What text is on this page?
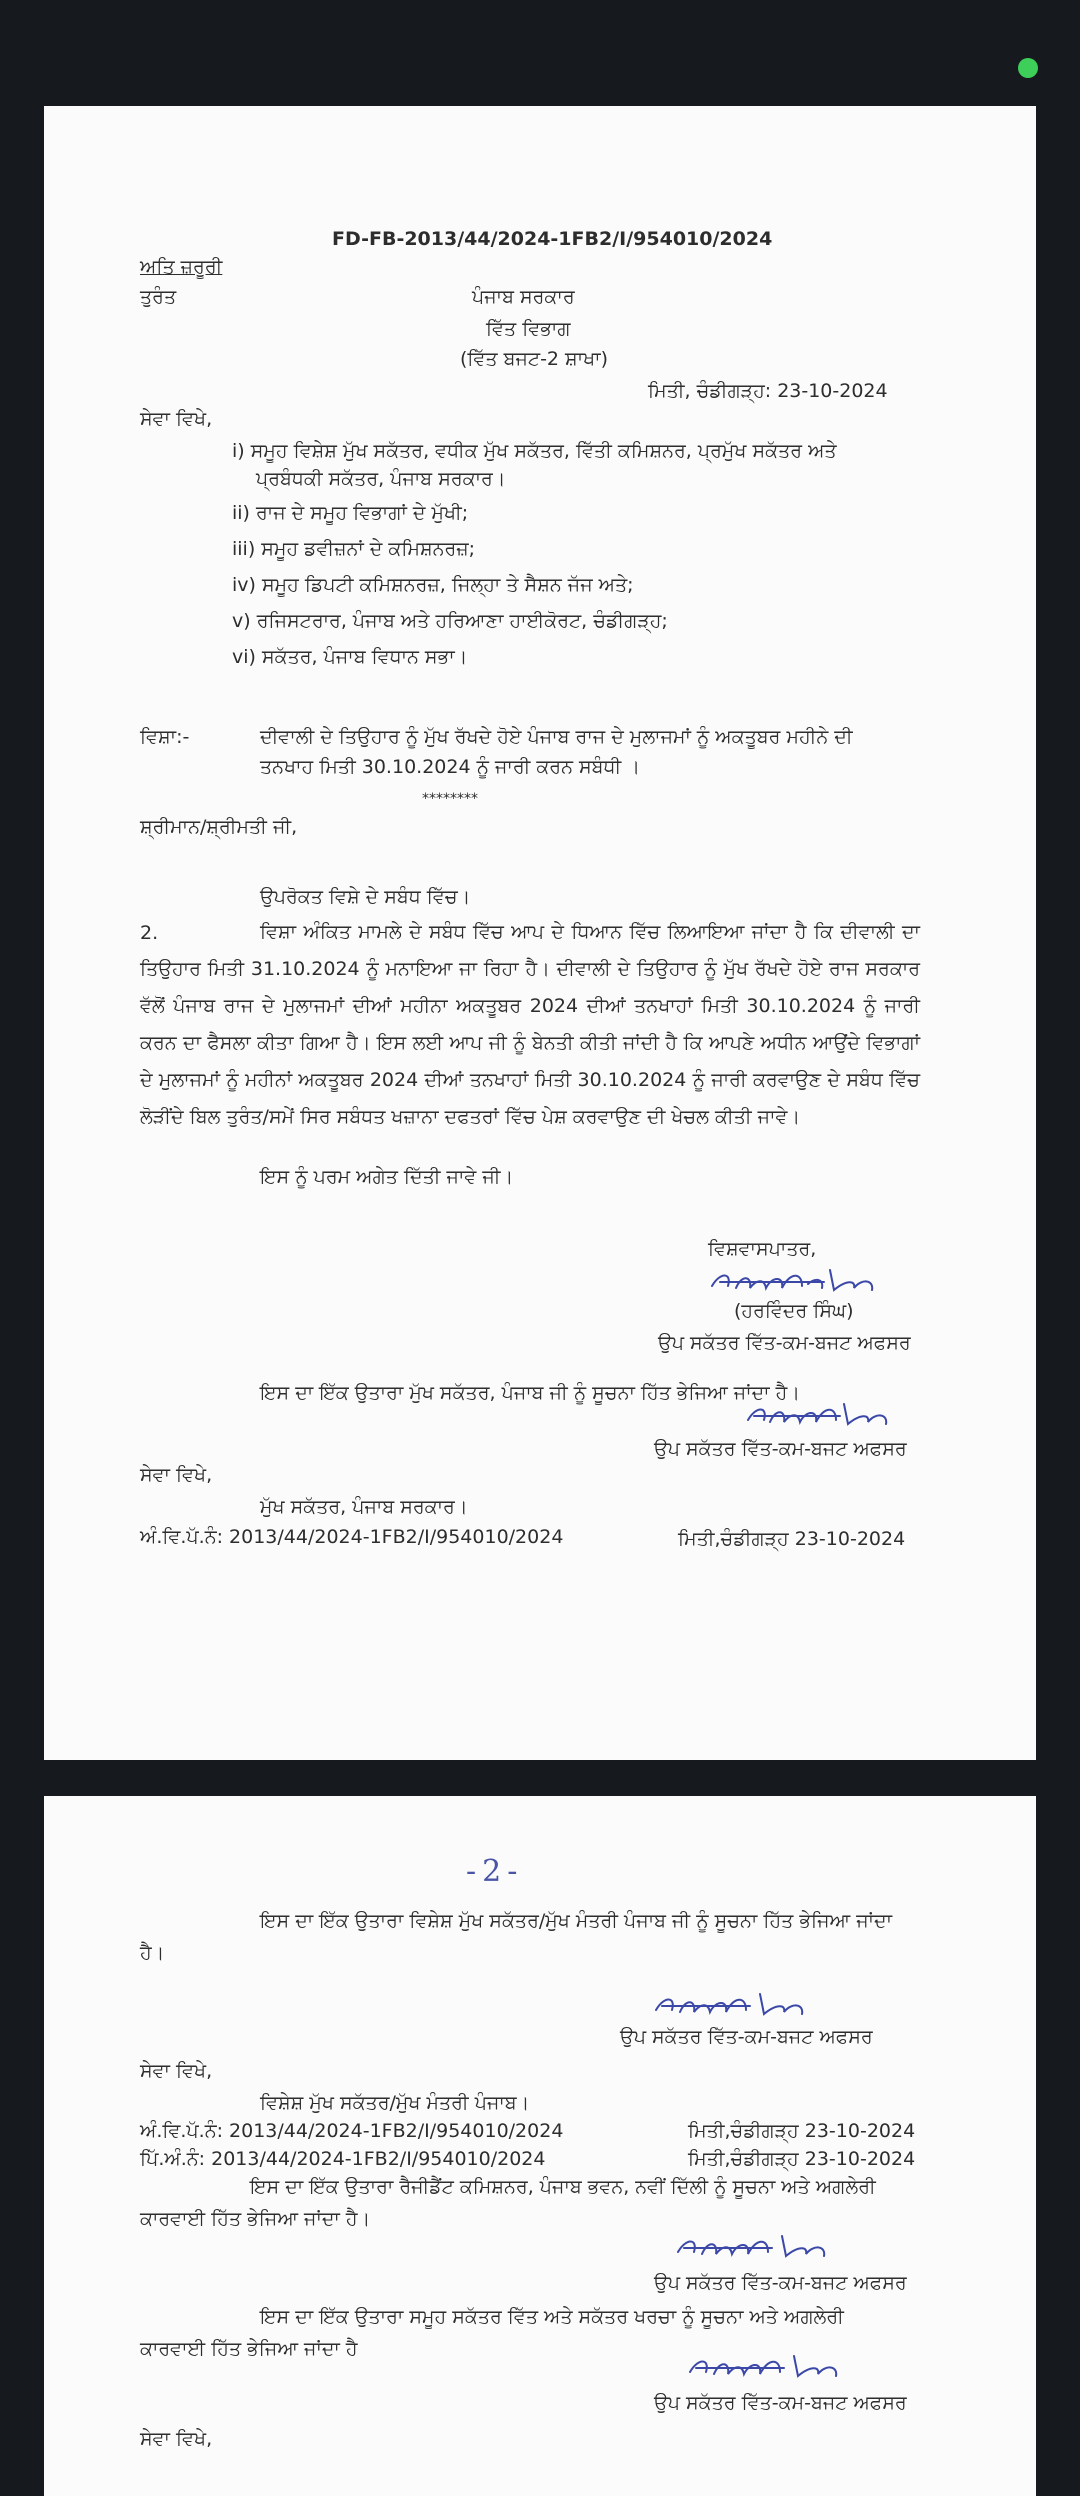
FD-FB-2013/44/2024-1FB2/I/954010/2024
ਅਤਿ ਜ਼ਰੂਰੀ
ਤੁਰੰਤ	ਪੰਜਾਬ ਸਰਕਾਰ
ਵਿੱਤ ਵਿਭਾਗ
(ਵਿੱਤ ਬਜਟ-2 ਸ਼ਾਖਾ)
ਮਿਤੀ, ਚੰਡੀਗੜ੍ਹ: 23-10-2024
ਸੇਵਾ ਵਿਖੇ,
i) ਸਮੂਹ ਵਿਸ਼ੇਸ਼ ਮੁੱਖ ਸਕੱਤਰ, ਵਧੀਕ ਮੁੱਖ ਸਕੱਤਰ, ਵਿੱਤੀ ਕਮਿਸ਼ਨਰ, ਪ੍ਰਮੁੱਖ ਸਕੱਤਰ ਅਤੇ
ਪ੍ਰਬੰਧਕੀ ਸਕੱਤਰ, ਪੰਜਾਬ ਸਰਕਾਰ।
ii) ਰਾਜ ਦੇ ਸਮੂਹ ਵਿਭਾਗਾਂ ਦੇ ਮੁੱਖੀ;
iii) ਸਮੂਹ ਡਵੀਜ਼ਨਾਂ ਦੇ ਕਮਿਸ਼ਨਰਜ਼;
iv) ਸਮੂਹ ਡਿਪਟੀ ਕਮਿਸ਼ਨਰਜ਼, ਜਿਲ੍ਹਾ ਤੇ ਸੈਸ਼ਨ ਜੱਜ ਅਤੇ;
v) ਰਜਿਸਟਰਾਰ, ਪੰਜਾਬ ਅਤੇ ਹਰਿਆਣਾ ਹਾਈਕੋਰਟ, ਚੰਡੀਗੜ੍ਹ;
vi) ਸਕੱਤਰ, ਪੰਜਾਬ ਵਿਧਾਨ ਸਭਾ।
ਵਿਸ਼ਾ:-	ਦੀਵਾਲੀ ਦੇ ਤਿਉਹਾਰ ਨੂੰ ਮੁੱਖ ਰੱਖਦੇ ਹੋਏ ਪੰਜਾਬ ਰਾਜ ਦੇ ਮੁਲਾਜਮਾਂ ਨੂੰ ਅਕਤੂਬਰ ਮਹੀਨੇ ਦੀ
ਤਨਖਾਹ ਮਿਤੀ 30.10.2024 ਨੂੰ ਜਾਰੀ ਕਰਨ ਸਬੰਧੀ ।
********
ਸ਼੍ਰੀਮਾਨ/ਸ਼੍ਰੀਮਤੀ ਜੀ,
ਉਪਰੋਕਤ ਵਿਸ਼ੇ ਦੇ ਸਬੰਧ ਵਿੱਚ।
2.	ਵਿਸ਼ਾ ਅੰਕਿਤ ਮਾਮਲੇ ਦੇ ਸਬੰਧ ਵਿੱਚ ਆਪ ਦੇ ਧਿਆਨ ਵਿੱਚ ਲਿਆਇਆ ਜਾਂਦਾ ਹੈ ਕਿ ਦੀਵਾਲੀ ਦਾ ਤਿਉਹਾਰ ਮਿਤੀ 31.10.2024 ਨੂੰ ਮਨਾਇਆ ਜਾ ਰਿਹਾ ਹੈ। ਦੀਵਾਲੀ ਦੇ ਤਿਉਹਾਰ ਨੂੰ ਮੁੱਖ ਰੱਖਦੇ ਹੋਏ ਰਾਜ ਸਰਕਾਰ ਵੱਲੋਂ ਪੰਜਾਬ ਰਾਜ ਦੇ ਮੁਲਾਜਮਾਂ ਦੀਆਂ ਮਹੀਨਾ ਅਕਤੂਬਰ 2024 ਦੀਆਂ ਤਨਖਾਹਾਂ ਮਿਤੀ 30.10.2024 ਨੂੰ ਜਾਰੀ ਕਰਨ ਦਾ ਫੈਸਲਾ ਕੀਤਾ ਗਿਆ ਹੈ। ਇਸ ਲਈ ਆਪ ਜੀ ਨੂੰ ਬੇਨਤੀ ਕੀਤੀ ਜਾਂਦੀ ਹੈ ਕਿ ਆਪਣੇ ਅਧੀਨ ਆਉਂਦੇ ਵਿਭਾਗਾਂ ਦੇ ਮੁਲਾਜਮਾਂ ਨੂੰ ਮਹੀਨਾਂ ਅਕਤੂਬਰ 2024 ਦੀਆਂ ਤਨਖਾਹਾਂ ਮਿਤੀ 30.10.2024 ਨੂੰ ਜਾਰੀ ਕਰਵਾਉਣ ਦੇ ਸਬੰਧ ਵਿੱਚ ਲੋੜੀਂਦੇ ਬਿਲ ਤੁਰੰਤ/ਸਮੇਂ ਸਿਰ ਸਬੰਧਤ ਖਜ਼ਾਨਾ ਦਫਤਰਾਂ ਵਿੱਚ ਪੇਸ਼ ਕਰਵਾਉਣ ਦੀ ਖੇਚਲ ਕੀਤੀ ਜਾਵੇ।
ਇਸ ਨੂੰ ਪਰਮ ਅਗੇਤ ਦਿੱਤੀ ਜਾਵੇ ਜੀ।
ਵਿਸ਼ਵਾਸਪਾਤਰ,
(ਹਰਵਿੰਦਰ ਸਿੰਘ)
ਉਪ ਸਕੱਤਰ ਵਿੱਤ-ਕਮ-ਬਜਟ ਅਫਸਰ
ਇਸ ਦਾ ਇੱਕ ਉਤਾਰਾ ਮੁੱਖ ਸਕੱਤਰ, ਪੰਜਾਬ ਜੀ ਨੂੰ ਸੂਚਨਾ ਹਿੱਤ ਭੇਜਿਆ ਜਾਂਦਾ ਹੈ।
ਉਪ ਸਕੱਤਰ ਵਿੱਤ-ਕਮ-ਬਜਟ ਅਫਸਰ
ਸੇਵਾ ਵਿਖੇ,
ਮੁੱਖ ਸਕੱਤਰ, ਪੰਜਾਬ ਸਰਕਾਰ।
ਅੰ.ਵਿ.ਪੱ.ਨੰ: 2013/44/2024-1FB2/I/954010/2024	ਮਿਤੀ,ਚੰਡੀਗੜ੍ਹ 23-10-2024
-2-
ਇਸ ਦਾ ਇੱਕ ਉਤਾਰਾ ਵਿਸ਼ੇਸ਼ ਮੁੱਖ ਸਕੱਤਰ/ਮੁੱਖ ਮੰਤਰੀ ਪੰਜਾਬ ਜੀ ਨੂੰ ਸੂਚਨਾ ਹਿੱਤ ਭੇਜਿਆ ਜਾਂਦਾ
ਹੈ।
ਉਪ ਸਕੱਤਰ ਵਿੱਤ-ਕਮ-ਬਜਟ ਅਫਸਰ
ਸੇਵਾ ਵਿਖੇ,
ਵਿਸ਼ੇਸ਼ ਮੁੱਖ ਸਕੱਤਰ/ਮੁੱਖ ਮੰਤਰੀ ਪੰਜਾਬ।
ਅੰ.ਵਿ.ਪੱ.ਨੰ: 2013/44/2024-1FB2/I/954010/2024	ਮਿਤੀ,ਚੰਡੀਗੜ੍ਹ 23-10-2024
ਪਿੱ.ਅੰ.ਨੰ: 2013/44/2024-1FB2/I/954010/2024	ਮਿਤੀ,ਚੰਡੀਗੜ੍ਹ 23-10-2024
ਇਸ ਦਾ ਇੱਕ ਉਤਾਰਾ ਰੈਜੀਡੈਂਟ ਕਮਿਸ਼ਨਰ, ਪੰਜਾਬ ਭਵਨ, ਨਵੀਂ ਦਿੱਲੀ ਨੂੰ ਸੂਚਨਾ ਅਤੇ ਅਗਲੇਰੀ
ਕਾਰਵਾਈ ਹਿੱਤ ਭੇਜਿਆ ਜਾਂਦਾ ਹੈ।
ਉਪ ਸਕੱਤਰ ਵਿੱਤ-ਕਮ-ਬਜਟ ਅਫਸਰ
ਇਸ ਦਾ ਇੱਕ ਉਤਾਰਾ ਸਮੂਹ ਸਕੱਤਰ ਵਿੱਤ ਅਤੇ ਸਕੱਤਰ ਖਰਚਾ ਨੂੰ ਸੂਚਨਾ ਅਤੇ ਅਗਲੇਰੀ
ਕਾਰਵਾਈ ਹਿੱਤ ਭੇਜਿਆ ਜਾਂਦਾ ਹੈ
ਉਪ ਸਕੱਤਰ ਵਿੱਤ-ਕਮ-ਬਜਟ ਅਫਸਰ
ਸੇਵਾ ਵਿਖੇ,
